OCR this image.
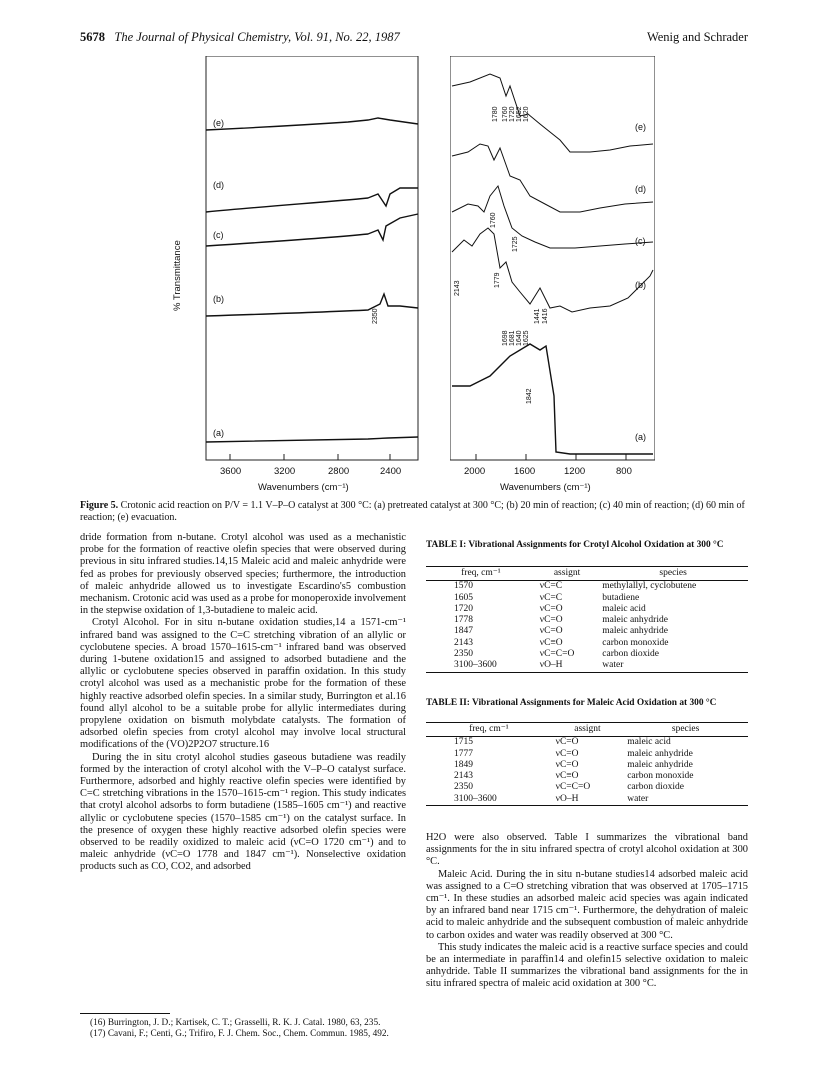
5678 The Journal of Physical Chemistry, Vol. 91, No. 22, 1987	Wenig and Schrader
(e)
(d)
(c)
(b)
(a)
2350
% Transmittance
3600	3200	2800	2400
Wavenumbers (cm⁻¹)
(e)
(d)
(c)
(b)
(a)
1780 1760 1720 1652 1620
1760
1725
2143
1779
1698 1681 1640 1625
1441 1416
1842
2000	1600	1200	800
Wavenumbers (cm⁻¹)
Figure 5. Crotonic acid reaction on P/V = 1.1 V–P–O catalyst at 300 °C: (a) pretreated catalyst at 300 °C; (b) 20 min of reaction; (c) 40 min of reaction; (d) 60 min of reaction; (e) evacuation.

dride formation from n-butane. Crotyl alcohol was used as a mechanistic probe for the formation of reactive olefin species that were observed during previous in situ infrared studies.14,15 Maleic acid and maleic anhydride were fed as probes for previously observed species; furthermore, the introduction of maleic anhydride allowed us to investigate Escardino's5 combustion mechanism. Crotonic acid was used as a probe for monoperoxide involvement in the stepwise oxidation of 1,3-butadiene to maleic acid.

Crotyl Alcohol. For in situ n-butane oxidation studies,14 a 1571-cm⁻¹ infrared band was assigned to the C=C stretching vibration of an allylic or cyclobutene species. A broad 1570–1615-cm⁻¹ infrared band was observed during 1-butene oxidation15 and assigned to adsorbed butadiene and the allylic or cyclobutene species observed in paraffin oxidation. In this study crotyl alcohol was used as a mechanistic probe for the formation of these highly reactive adsorbed olefin species. In a similar study, Burrington et al.16 found allyl alcohol to be a suitable probe for allylic intermediates during propylene oxidation on bismuth molybdate catalysts. The formation of adsorbed olefin species from crotyl alcohol may involve local structural modifications of the (VO)2P2O7 structure.16

During the in situ crotyl alcohol studies gaseous butadiene was readily formed by the interaction of crotyl alcohol with the V–P–O catalyst surface. Furthermore, adsorbed and highly reactive olefin species were identified by C=C stretching vibrations in the 1570–1615-cm⁻¹ region. This study indicates that crotyl alcohol adsorbs to form butadiene (1585–1605 cm⁻¹) and reactive allylic or cyclobutene species (1570–1585 cm⁻¹) on the catalyst surface. In the presence of oxygen these highly reactive adsorbed olefin species were observed to be readily oxidized to maleic acid (νC=O 1720 cm⁻¹) and to maleic anhydride (νC=O 1778 and 1847 cm⁻¹). Nonselective oxidation products such as CO, CO2, and adsorbed

(16) Burrington, J. D.; Kartisek, C. T.; Grasselli, R. K. J. Catal. 1980, 63, 235.
(17) Cavani, F.; Centi, G.; Trifiro, F. J. Chem. Soc., Chem. Commun. 1985, 492.
TABLE I: Vibrational Assignments for Crotyl Alcohol Oxidation at 300 °C
freq, cm⁻¹	assignt	species
1570	νC=C	methylallyl, cyclobutene
1605	νC=C	butadiene
1720	νC=O	maleic acid
1778	νC=O	maleic anhydride
1847	νC=O	maleic anhydride
2143	νC≡O	carbon monoxide
2350	νC=C=O	carbon dioxide
3100–3600	νO–H	water
TABLE II: Vibrational Assignments for Maleic Acid Oxidation at 300 °C
freq, cm⁻¹	assignt	species
1715	νC=O	maleic acid
1777	νC=O	maleic anhydride
1849	νC=O	maleic anhydride
2143	νC≡O	carbon monoxide
2350	νC=C=O	carbon dioxide
3100–3600	νO–H	water

H2O were also observed. Table I summarizes the vibrational band assignments for the in situ infrared spectra of crotyl alcohol oxidation at 300 °C.

Maleic Acid. During the in situ n-butane studies14 adsorbed maleic acid was assigned to a C=O stretching vibration that was observed at 1705–1715 cm⁻¹. In these studies an adsorbed maleic acid species was again indicated by an infrared band near 1715 cm⁻¹. Furthermore, the dehydration of maleic acid to maleic anhydride and the subsequent combustion of maleic anhydride to carbon oxides and water was readily observed at 300 °C.

This study indicates the maleic acid is a reactive surface species and could be an intermediate in paraffin14 and olefin15 selective oxidation to maleic anhydride. Table II summarizes the vibrational band assignments for the in situ infrared spectra of maleic acid oxidation at 300 °C.
